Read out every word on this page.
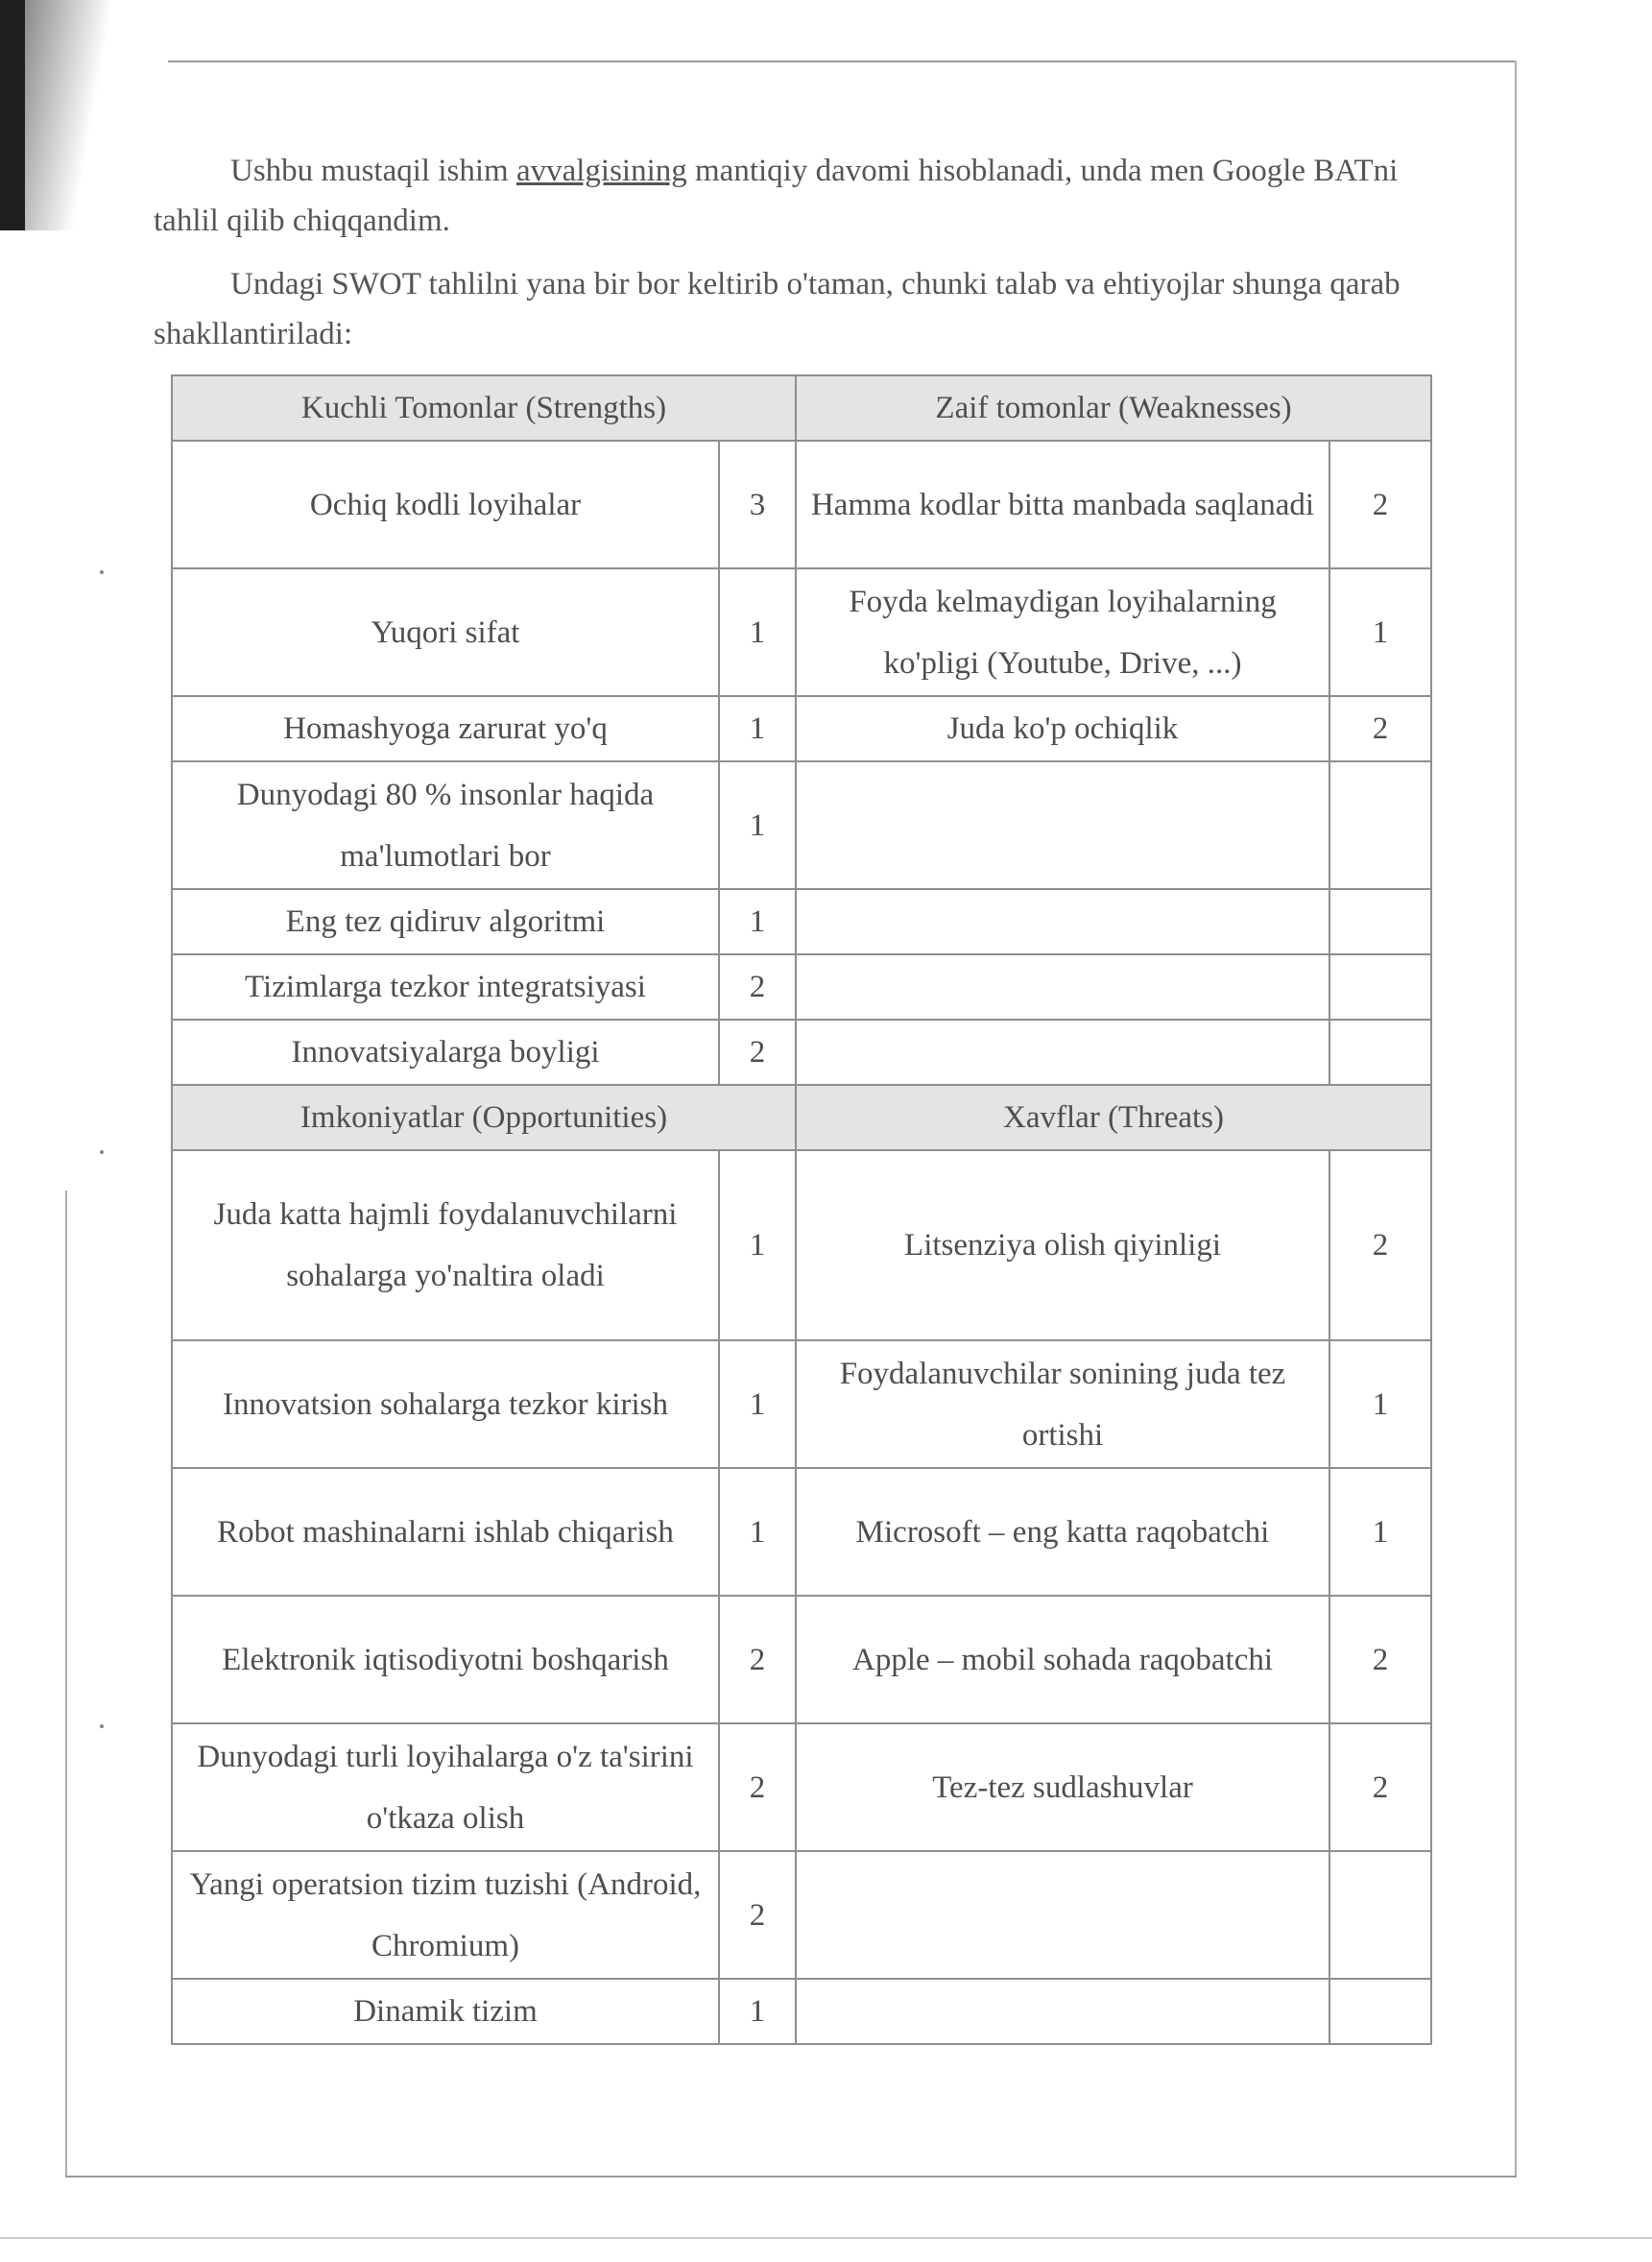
Ushbu mustaqil ishim avvalgisining mantiqiy davomi hisoblanadi, unda men Google BATni tahlil qilib chiqqandim.

Undagi SWOT tahlilni yana bir bor keltirib o'taman, chunki talab va ehtiyojlar shunga qarab shakllantiriladi:

Kuchli Tomonlar (Strengths)		Zaif tomonlar (Weaknesses)	
Ochiq kodli loyihalar	3	Hamma kodlar bitta manbada saqlanadi	2
Yuqori sifat	1	Foyda kelmaydigan loyihalarning ko'pligi (Youtube, Drive, ...)	1
Homashyoga zarurat yo'q	1	Juda ko'p ochiqlik	2
Dunyodagi 80 % insonlar haqida ma'lumotlari bor	1		
Eng tez qidiruv algoritmi	1		
Tizimlarga tezkor integratsiyasi	2		
Innovatsiyalarga boyligi	2		
Imkoniyatlar (Opportunities)		Xavflar (Threats)	
Juda katta hajmli foydalanuvchilarni sohalarga yo'naltira oladi	1	Litsenziya olish qiyinligi	2
Innovatsion sohalarga tezkor kirish	1	Foydalanuvchilar sonining juda tez ortishi	1
Robot mashinalarni ishlab chiqarish	1	Microsoft – eng katta raqobatchi	1
Elektronik iqtisodiyotni boshqarish	2	Apple – mobil sohada raqobatchi	2
Dunyodagi turli loyihalarga o'z ta'sirini o'tkaza olish	2	Tez-tez sudlashuvlar	2
Yangi operatsion tizim tuzishi (Android, Chromium)	2		
Dinamik tizim	1		
